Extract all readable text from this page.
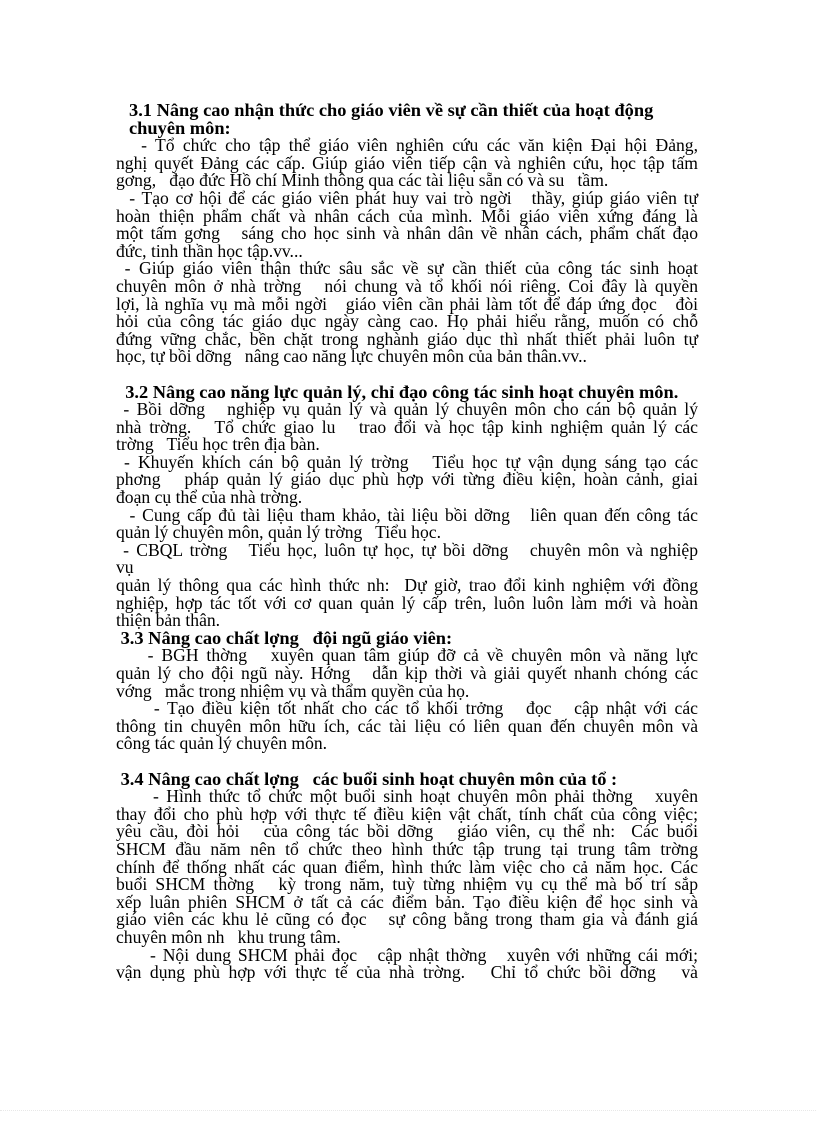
3.1 Nâng cao nhận thức cho giáo viên về sự cần thiết của hoạt động
chuyên môn:

- Tổ chức cho tập thể giáo viên nghiên cứu các văn kiện Đại hội Đảng,

nghị quyết Đảng các cấp. Giúp giáo viên tiếp cận và nghiên cứu, học tập tấm

gơng,   đạo đức Hồ chí Minh thông qua các tài liệu sẵn có và su   tầm.

- Tạo cơ hội để các giáo viên phát huy vai trò ngời   thầy, giúp giáo viên tự

hoàn thiện phẩm chất và nhân cách của mình. Mỗi giáo viên xứng đáng là

một tấm gơng   sáng cho học sinh và nhân dân về nhân cách, phẩm chất đạo

đức, tinh thần học tập.vv...

- Giúp giáo viên thận thức sâu sắc về sự cần thiết của công tác sinh hoạt

chuyên môn ở nhà trờng   nói chung và tổ khối nói riêng. Coi đây là quyền

lợi, là nghĩa vụ mà mỗi ngời   giáo viên cần phải làm tốt để đáp ứng đọc   đòi

hỏi của công tác giáo dục ngày càng cao. Họ phải hiểu rằng, muốn có chỗ

đứng vững chắc, bền chặt trong nghành giáo dục thì nhất thiết phải luôn tự

học, tự bồi dỡng   nâng cao năng lực chuyên môn của bản thân.vv..

3.2 Nâng cao năng lực quản lý, chỉ đạo công tác sinh hoạt chuyên môn.

- Bồi dỡng   nghiệp vụ quản lý và quản lý chuyên môn cho cán bộ quản lý

nhà trờng.   Tổ chức giao lu   trao đổi và học tập kinh nghiệm quản lý các

trờng   Tiểu học trên địa bàn.

- Khuyến khích cán bộ quản lý trờng   Tiểu học tự vận dụng sáng tạo các

phơng   pháp quản lý giáo dục phù hợp với từng điều kiện, hoàn cảnh, giai

đoạn cụ thể của nhà trờng.

- Cung cấp đủ tài liệu tham khảo, tài liệu bồi dỡng   liên quan đến công tác

quản lý chuyên môn, quản lý trờng   Tiểu học.

- CBQL trờng   Tiểu học, luôn tự học, tự bồi dỡng   chuyên môn và nghiệp

vụ

quản lý thông qua các hình thức nh:  Dự giờ, trao đổi kinh nghiệm với đồng

nghiệp, hợp tác tốt với cơ quan quản lý cấp trên, luôn luôn làm mới và hoàn

thiện bản thân.

3.3 Nâng cao chất lợng   đội ngũ giáo viên:

- BGH thờng   xuyên quan tâm giúp đỡ cả về chuyên môn và năng lực

quản lý cho đội ngũ này. Hớng   dẫn kịp thời và giải quyết nhanh chóng các

vớng   mắc trong nhiệm vụ và thẩm quyền của họ.

- Tạo điều kiện tốt nhất cho các tổ khối trởng   đọc   cập nhật với các

thông tin chuyên môn hữu ích, các tài liệu có liên quan đến chuyên môn và

công tác quản lý chuyên môn.

3.4 Nâng cao chất lợng   các buổi sinh hoạt chuyên môn của tổ :

- Hình thức tổ chức một buổi sinh hoạt chuyên môn phải thờng   xuyên

thay đổi cho phù hợp với thực tế điều kiện vật chất, tính chất của công việc;

yêu cầu, đòi hỏi   của công tác bồi dỡng   giáo viên, cụ thể nh:  Các buổi

SHCM đầu năm nên tổ chức theo hình thức tập trung tại trung tâm trờng

chính để thống nhất các quan điểm, hình thức làm việc cho cả năm học. Các

buổi SHCM thờng   kỳ trong năm, tuỳ từng nhiệm vụ cụ thể mà bố trí sắp

xếp luân phiên SHCM ở tất cả các điểm bản. Tạo điều kiện để học sinh và

giáo viên các khu lẻ cũng có đọc   sự công bằng trong tham gia và đánh giá

chuyên môn nh   khu trung tâm.

- Nội dung SHCM phải đọc   cập nhật thờng   xuyên với những cái mới;

vận dụng phù hợp với thực tế của nhà trờng.   Chỉ tổ chức bồi dỡng   và
